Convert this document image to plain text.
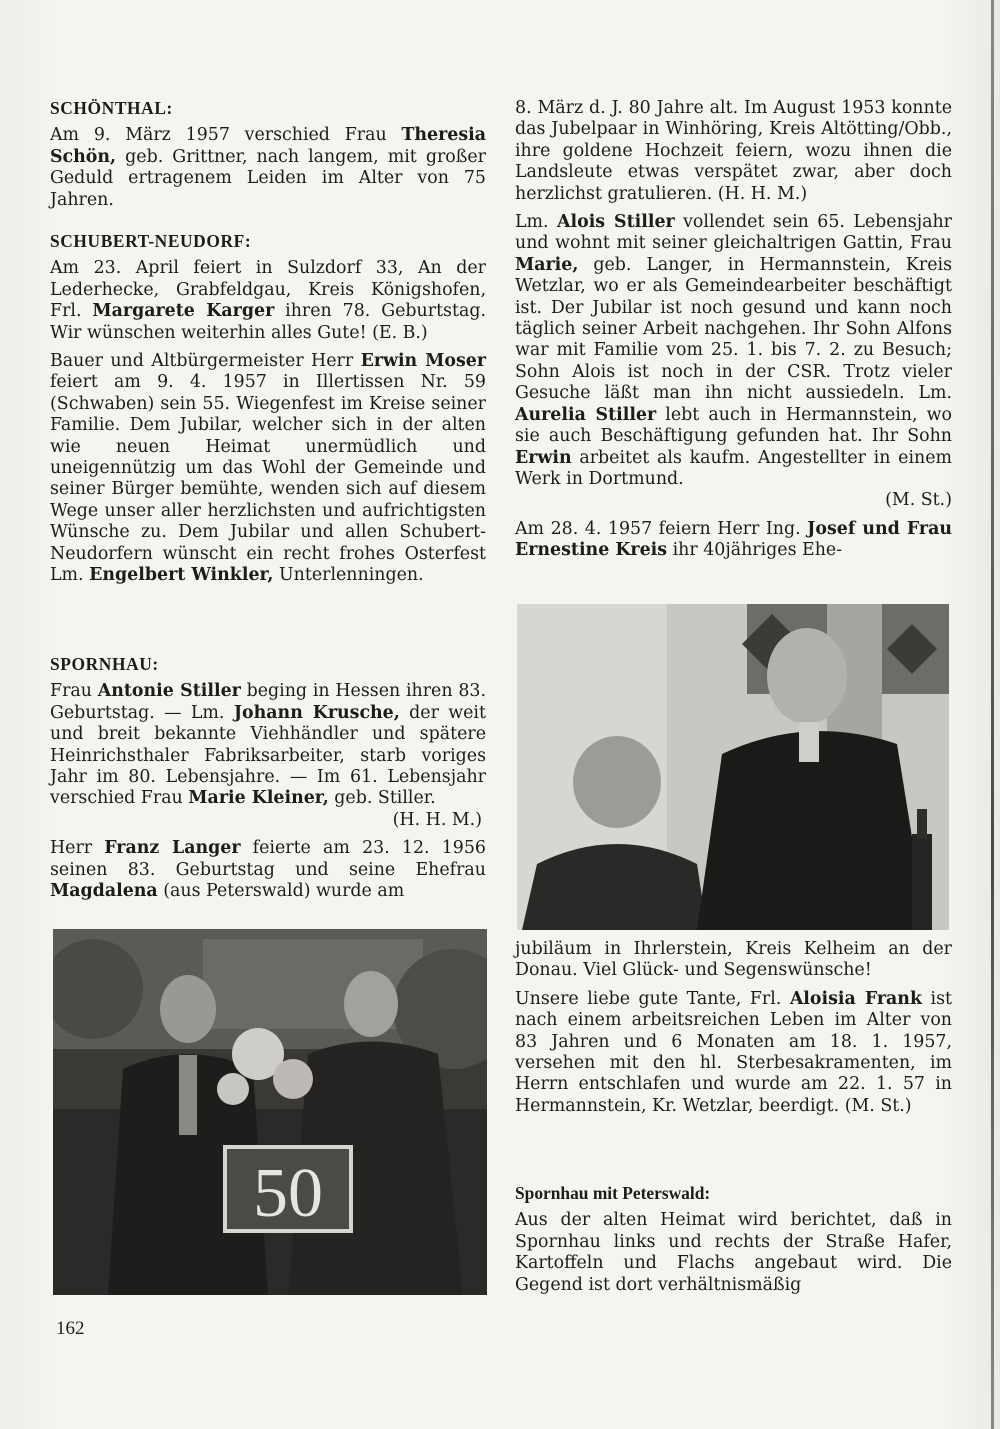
SCHÖNTHAL:

Am 9. März 1957 verschied Frau Theresia Schön, geb. Grittner, nach langem, mit großer Geduld ertragenem Leiden im Alter von 75 Jahren.

SCHUBERT-NEUDORF:

Am 23. April feiert in Sulzdorf 33, An der Lederhecke, Grabfeldgau, Kreis Königshofen, Frl. Margarete Karger ihren 78. Geburtstag. Wir wünschen weiterhin alles Gute! (E. B.)

Bauer und Altbürgermeister Herr Erwin Moser feiert am 9. 4. 1957 in Illertissen Nr. 59 (Schwaben) sein 55. Wiegenfest im Kreise seiner Familie. Dem Jubilar, welcher sich in der alten wie neuen Heimat unermüdlich und uneigennützig um das Wohl der Gemeinde und seiner Bürger bemühte, wenden sich auf diesem Wege unser aller herzlichsten und aufrichtigsten Wünsche zu. Dem Jubilar und allen Schubert-Neudorfern wünscht ein recht frohes Osterfest Lm. Engelbert Winkler, Unterlenningen.

SPORNHAU:

Frau Antonie Stiller beging in Hessen ihren 83. Geburtstag. — Lm. Johann Krusche, der weit und breit bekannte Viehhändler und spätere Heinrichsthaler Fabriksarbeiter, starb voriges Jahr im 80. Lebensjahre. — Im 61. Lebensjahr verschied Frau Marie Kleiner, geb. Stiller.

(H. H. M.)

Herr Franz Langer feierte am 23. 12. 1956 seinen 83. Geburtstag und seine Ehefrau Magdalena (aus Peterswald) wurde am

50

8. März d. J. 80 Jahre alt. Im August 1953 konnte das Jubelpaar in Winhöring, Kreis Altötting/Obb., ihre goldene Hochzeit feiern, wozu ihnen die Landsleute etwas verspätet zwar, aber doch herzlichst gratulieren. (H. H. M.)

Lm. Alois Stiller vollendet sein 65. Lebensjahr und wohnt mit seiner gleichaltrigen Gattin, Frau Marie, geb. Langer, in Hermannstein, Kreis Wetzlar, wo er als Gemeindearbeiter beschäftigt ist. Der Jubilar ist noch gesund und kann noch täglich seiner Arbeit nachgehen. Ihr Sohn Alfons war mit Familie vom 25. 1. bis 7. 2. zu Besuch; Sohn Alois ist noch in der CSR. Trotz vieler Gesuche läßt man ihn nicht aussiedeln. Lm. Aurelia Stiller lebt auch in Hermannstein, wo sie auch Beschäftigung gefunden hat. Ihr Sohn Erwin arbeitet als kaufm. Angestellter in einem Werk in Dortmund.

(M. St.)

Am 28. 4. 1957 feiern Herr Ing. Josef und Frau Ernestine Kreis ihr 40jähriges Ehe-

jubiläum in Ihrlerstein, Kreis Kelheim an der Donau. Viel Glück- und Segenswünsche!

Unsere liebe gute Tante, Frl. Aloisia Frank ist nach einem arbeitsreichen Leben im Alter von 83 Jahren und 6 Monaten am 18. 1. 1957, versehen mit den hl. Sterbesakramenten, im Herrn entschlafen und wurde am 22. 1. 57 in Hermannstein, Kr. Wetzlar, beerdigt. (M. St.)

Spornhau mit Peterswald:

Aus der alten Heimat wird berichtet, daß in Spornhau links und rechts der Straße Hafer, Kartoffeln und Flachs angebaut wird. Die Gegend ist dort verhältnismäßig

162
